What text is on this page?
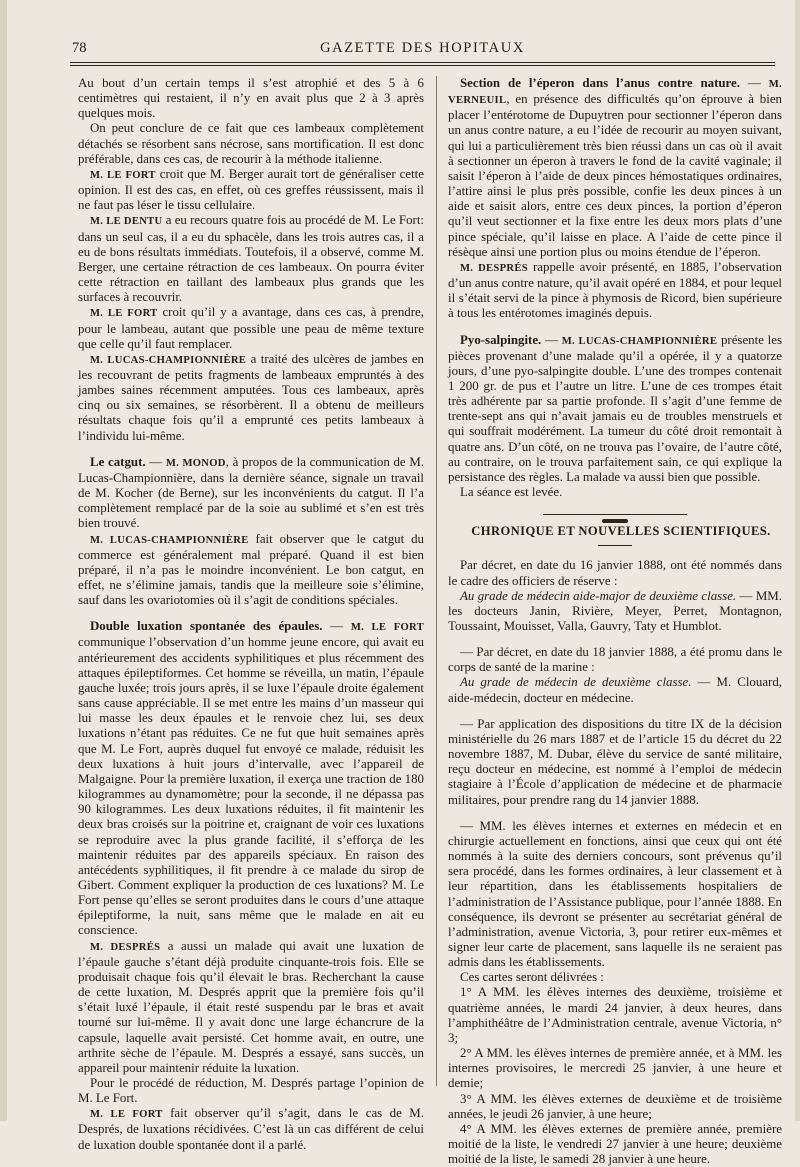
78	GAZETTE DES HOPITAUX

Au bout d’un certain temps il s’est atrophié et des 5 à 6 centimètres qui restaient, il n’y en avait plus que 2 à 3 après quelques mois.

On peut conclure de ce fait que ces lambeaux complètement détachés se résorbent sans nécrose, sans mortification. Il est donc préférable, dans ces cas, de recourir à la méthode italienne.

M. LE FORT croit que M. Berger aurait tort de généraliser cette opinion. Il est des cas, en effet, où ces greffes réussissent, mais il ne faut pas léser le tissu cellulaire.

M. LE DENTU a eu recours quatre fois au procédé de M. Le Fort: dans un seul cas, il a eu du sphacèle, dans les trois autres cas, il a eu de bons résultats immédiats. Toutefois, il a observé, comme M. Berger, une certaine rétraction de ces lambeaux. On pourra éviter cette rétraction en taillant des lambeaux plus grands que les surfaces à recouvrir.

M. LE FORT croit qu’il y a avantage, dans ces cas, à prendre, pour le lambeau, autant que possible une peau de même texture que celle qu’il faut remplacer.

M. LUCAS-CHAMPIONNIÈRE a traité des ulcères de jambes en les recouvrant de petits fragments de lambeaux empruntés à des jambes saines récemment amputées. Tous ces lambeaux, après cinq ou six semaines, se résorbèrent. Il a obtenu de meilleurs résultats chaque fois qu’il a emprunté ces petits lambeaux à l’individu lui-même.

Le catgut. — M. MONOD, à propos de la communication de M. Lucas-Championnière, dans la dernière séance, signale un travail de M. Kocher (de Berne), sur les inconvénients du catgut. Il l’a complètement remplacé par de la soie au sublimé et s’en est très bien trouvé.

M. LUCAS-CHAMPIONNIÈRE fait observer que le catgut du commerce est généralement mal préparé. Quand il est bien préparé, il n’a pas le moindre inconvénient. Le bon catgut, en effet, ne s’élimine jamais, tandis que la meilleure soie s’élimine, sauf dans les ovariotomies où il s’agit de conditions spéciales.

Double luxation spontanée des épaules. — M. LE FORT communique l’observation d’un homme jeune encore, qui avait eu antérieurement des accidents syphilitiques et plus récemment des attaques épileptiformes. Cet homme se réveilla, un matin, l’épaule gauche luxée; trois jours après, il se luxe l’épaule droite également sans cause appréciable. Il se met entre les mains d’un masseur qui lui masse les deux épaules et le renvoie chez lui, ses deux luxations n’étant pas réduites. Ce ne fut que huit semaines après que M. Le Fort, auprès duquel fut envoyé ce malade, réduisit les deux luxations à huit jours d’intervalle, avec l’appareil de Malgaigne. Pour la première luxation, il exerça une traction de 180 kilogrammes au dynamomètre; pour la seconde, il ne dépassa pas 90 kilogrammes. Les deux luxations réduites, il fit maintenir les deux bras croisés sur la poitrine et, craignant de voir ces luxations se reproduire avec la plus grande facilité, il s’efforça de les maintenir réduites par des appareils spéciaux. En raison des antécédents syphilitiques, il fit prendre à ce malade du sirop de Gibert. Comment expliquer la production de ces luxations? M. Le Fort pense qu’elles se seront produites dans le cours d’une attaque épileptiforme, la nuit, sans même que le malade en ait eu conscience.

M. DESPRÉS a aussi un malade qui avait une luxation de l’épaule gauche s’étant déjà produite cinquante-trois fois. Elle se produisait chaque fois qu’il élevait le bras. Recherchant la cause de cette luxation, M. Després apprit que la première fois qu’il s’était luxé l’épaule, il était resté suspendu par le bras et avait tourné sur lui-même. Il y avait donc une large échancrure de la capsule, laquelle avait persisté. Cet homme avait, en outre, une arthrite sèche de l’épaule. M. Després a essayé, sans succès, un appareil pour maintenir réduite la luxation.

Pour le procédé de réduction, M. Després partage l’opinion de M. Le Fort.

M. LE FORT fait observer qu’il s’agit, dans le cas de M. Després, de luxations récidivées. C’est là un cas différent de celui de luxation double spontanée dont il a parlé.

Section de l’éperon dans l’anus contre nature. — M. VERNEUIL, en présence des difficultés qu’on éprouve à bien placer l’entérotome de Dupuytren pour sectionner l’éperon dans un anus contre nature, a eu l’idée de recourir au moyen suivant, qui lui a particulièrement très bien réussi dans un cas où il avait à sectionner un éperon à travers le fond de la cavité vaginale; il saisit l’éperon à l’aide de deux pinces hémostatiques ordinaires, l’attire ainsi le plus près possible, confie les deux pinces à un aide et saisit alors, entre ces deux pinces, la portion d’éperon qu’il veut sectionner et la fixe entre les deux mors plats d’une pince spéciale, qu’il laisse en place. A l’aide de cette pince il résèque ainsi une portion plus ou moins étendue de l’éperon.

M. DESPRÉS rappelle avoir présenté, en 1885, l’observation d’un anus contre nature, qu’il avait opéré en 1884, et pour lequel il s’était servi de la pince à phymosis de Ricord, bien supérieure à tous les entérotomes imaginés depuis.

Pyo-salpingite. — M. LUCAS-CHAMPIONNIÈRE présente les pièces provenant d’une malade qu’il a opérée, il y a quatorze jours, d’une pyo-salpingite double. L’une des trompes contenait 1 200 gr. de pus et l’autre un litre. L’une de ces trompes était très adhérente par sa partie profonde. Il s’agit d’une femme de trente-sept ans qui n’avait jamais eu de troubles menstruels et qui souffrait modérément. La tumeur du côté droit remontait à quatre ans. D’un côté, on ne trouva pas l’ovaire, de l’autre côté, au contraire, on le trouva parfaitement sain, ce qui explique la persistance des règles. La malade va aussi bien que possible.

La séance est levée.

CHRONIQUE ET NOUVELLES SCIENTIFIQUES.

Par décret, en date du 16 janvier 1888, ont été nommés dans le cadre des officiers de réserve :

Au grade de médecin aide-major de deuxième classe. — MM. les docteurs Janin, Rivière, Meyer, Perret, Montagnon, Toussaint, Mouisset, Valla, Gauvry, Taty et Humblot.

— Par décret, en date du 18 janvier 1888, a été promu dans le corps de santé de la marine :

Au grade de médecin de deuxième classe. — M. Clouard, aide-médecin, docteur en médecine.

— Par application des dispositions du titre IX de la décision ministérielle du 26 mars 1887 et de l’article 15 du décret du 22 novembre 1887, M. Dubar, élève du service de santé militaire, reçu docteur en médecine, est nommé à l’emploi de médecin stagiaire à l’École d’application de médecine et de pharmacie militaires, pour prendre rang du 14 janvier 1888.

— MM. les élèves internes et externes en médecin et en chirurgie actuellement en fonctions, ainsi que ceux qui ont été nommés à la suite des derniers concours, sont prévenus qu’il sera procédé, dans les formes ordinaires, à leur classement et à leur répartition, dans les établissements hospitaliers de l’administration de l’Assistance publique, pour l’année 1888. En conséquence, ils devront se présenter au secrétariat général de l’administration, avenue Victoria, 3, pour retirer eux-mêmes et signer leur carte de placement, sans laquelle ils ne seraient pas admis dans les établissements.

Ces cartes seront délivrées :

1° A MM. les élèves internes des deuxième, troisième et quatrième années, le mardi 24 janvier, à deux heures, dans l’amphithéâtre de l’Administration centrale, avenue Victoria, n° 3;

2° A MM. les élèves internes de première année, et à MM. les internes provisoires, le mercredi 25 janvier, à une heure et demie;

3° A MM. les élèves externes de deuxième et de troisième années, le jeudi 26 janvier, à une heure;

4° A MM. les élèves externes de première année, première moitié de la liste, le vendredi 27 janvier à une heure; deuxième moitié de la liste, le samedi 28 janvier à une heure.
